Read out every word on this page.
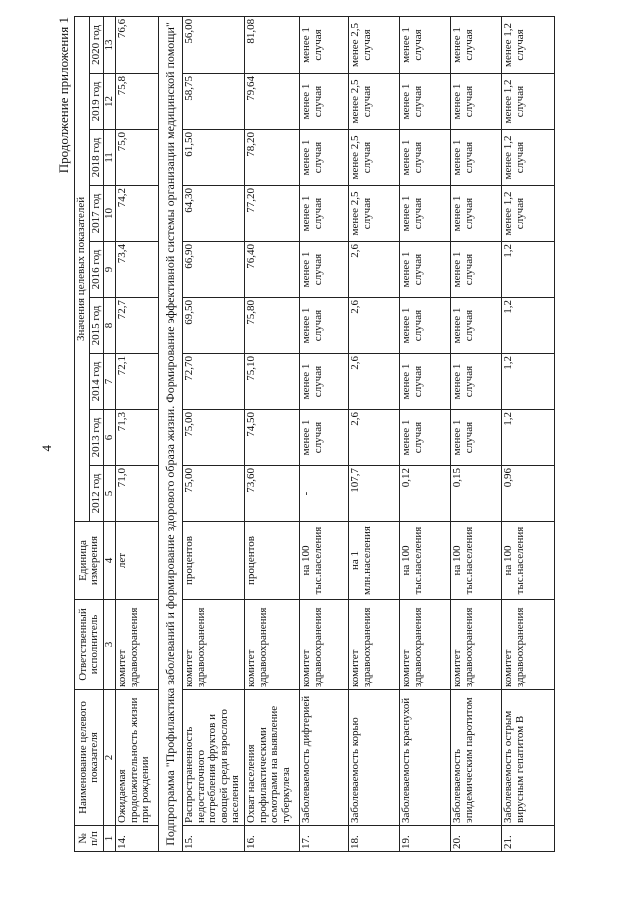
4
Продолжение приложения 1
№ п/п	Наименование целевого показателя	Ответственный исполнитель	Единица измерения	Значения целевых показателей								
				2012 год	2013 год	2014 год	2015 год	2016 год	2017 год	2018 год	2019 год	2020 год
1	2	3	4	5	6	7	8	9	10	11	12	13
14.	Ожидаемая продолжительность жизни при рождении	комитет здравоохранения	лет	71,0	71,3	72,1	72,7	73,4	74,2	75,0	75,8	76,6
Подпрограмма "Профилактика заболеваний и формирование здорового образа жизни. Формирование эффективной системы организации медицинской помощи"												
15.	Распространенность недостаточного потребления фруктов и овощей среди взрослого населения	комитет здравоохранения	процентов	75,00	75,00	72,70	69,50	66,90	64,30	61,50	58,75	56,00
16.	Охват населения профилактическими осмотрами на выявление туберкулеза	комитет здравоохранения	процентов	73,60	74,50	75,10	75,80	76,40	77,20	78,20	79,64	81,08
17.	Заболеваемость дифтерией	комитет здравоохранения	на 100 тыс.населения	-	менее 1 случая	менее 1 случая	менее 1 случая	менее 1 случая	менее 1 случая	менее 1 случая	менее 1 случая	менее 1 случая
18.	Заболеваемость корью	комитет здравоохранения	на 1 млн.населения	107,7	2,6	2,6	2,6	2,6	менее 2,5 случая	менее 2,5 случая	менее 2,5 случая	менее 2,5 случая
19.	Заболеваемость краснухой	комитет здравоохранения	на 100 тыс.населения	0,12	менее 1 случая	менее 1 случая	менее 1 случая	менее 1 случая	менее 1 случая	менее 1 случая	менее 1 случая	менее 1 случая
20.	Заболеваемость эпидемическим паротитом	комитет здравоохранения	на 100 тыс.населения	0,15	менее 1 случая	менее 1 случая	менее 1 случая	менее 1 случая	менее 1 случая	менее 1 случая	менее 1 случая	менее 1 случая
21.	Заболеваемость острым вирусным гепатитом В	комитет здравоохранения	на 100 тыс.населения	0,96	1,2	1,2	1,2	1,2	менее 1,2 случая	менее 1,2 случая	менее 1,2 случая	менее 1,2 случая
